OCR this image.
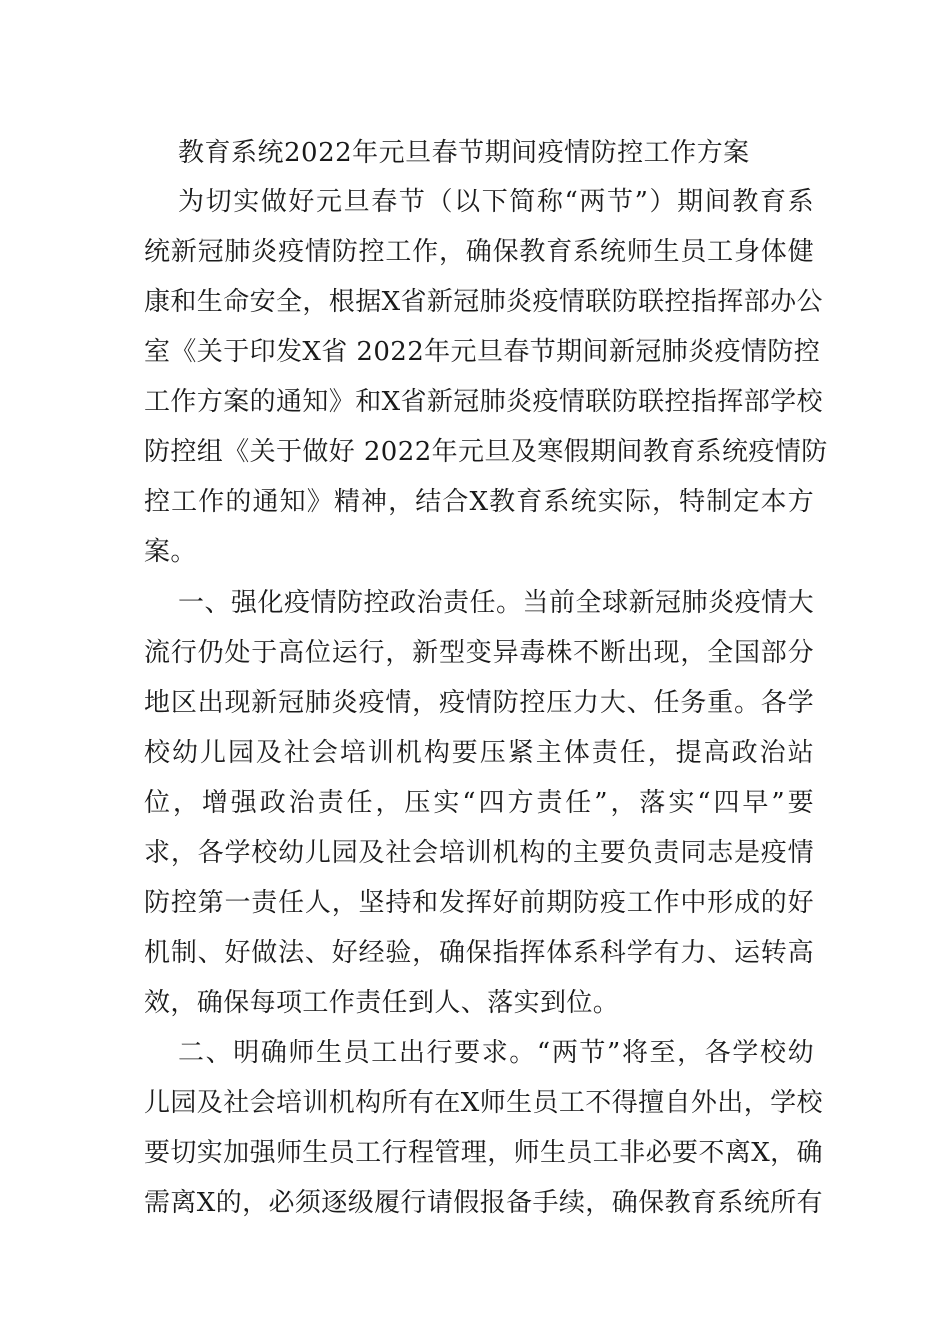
教育系统2022年元旦春节期间疫情防控工作方案
为切实做好元旦春节（以下简称“两节”）期间教育系
统新冠肺炎疫情防控工作，确保教育系统师生员工身体健
康和生命安全，根据X省新冠肺炎疫情联防联控指挥部办公
室《关于印发X省 2022年元旦春节期间新冠肺炎疫情防控
工作方案的通知》和X省新冠肺炎疫情联防联控指挥部学校
防控组《关于做好 2022年元旦及寒假期间教育系统疫情防
控工作的通知》精神，结合X教育系统实际，特制定本方
案。
一、强化疫情防控政治责任。当前全球新冠肺炎疫情大
流行仍处于高位运行，新型变异毒株不断出现，全国部分
地区出现新冠肺炎疫情，疫情防控压力大、任务重。各学
校幼儿园及社会培训机构要压紧主体责任，提高政治站
位，增强政治责任，压实“四方责任”，落实“四早”要
求，各学校幼儿园及社会培训机构的主要负责同志是疫情
防控第一责任人，坚持和发挥好前期防疫工作中形成的好
机制、好做法、好经验，确保指挥体系科学有力、运转高
效，确保每项工作责任到人、落实到位。
二、明确师生员工出行要求。“两节”将至，各学校幼
儿园及社会培训机构所有在X师生员工不得擅自外出，学校
要切实加强师生员工行程管理，师生员工非必要不离X，确
需离X的，必须逐级履行请假报备手续，确保教育系统所有
